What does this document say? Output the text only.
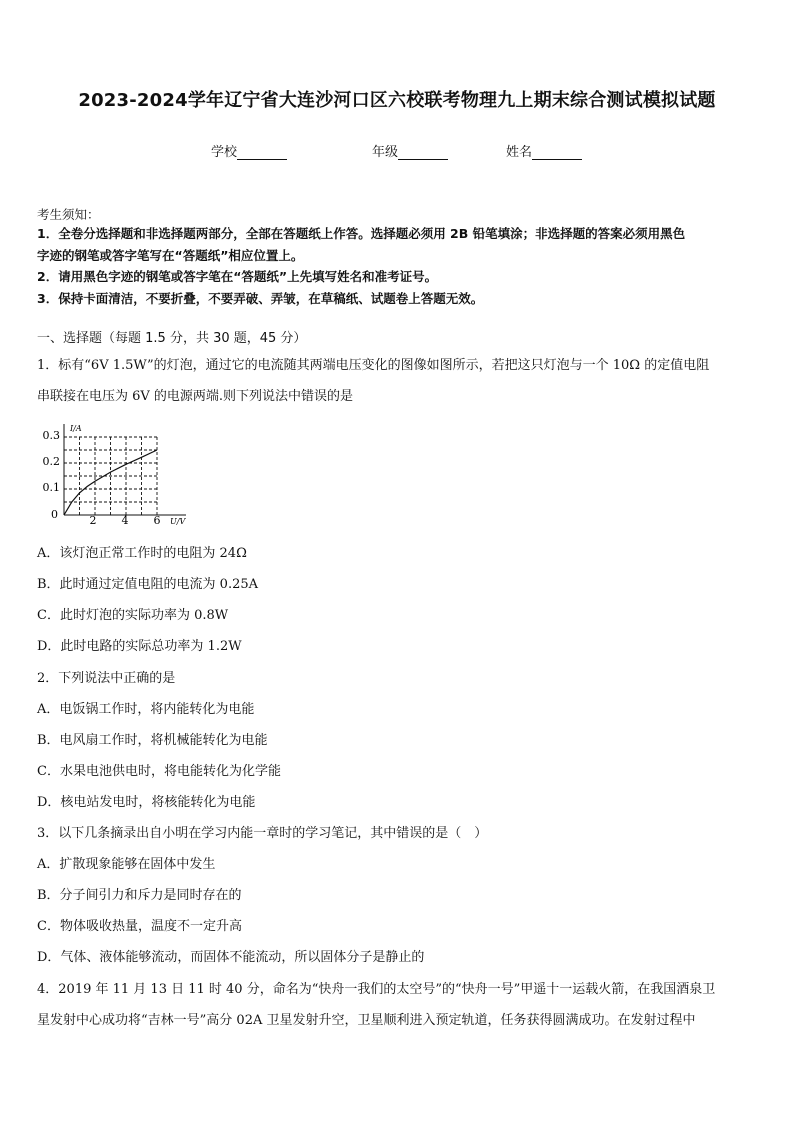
2023-2024学年辽宁省大连沙河口区六校联考物理九上期末综合测试模拟试题
学校	年级	姓名
考生须知：
1．全卷分选择题和非选择题两部分，全部在答题纸上作答。选择题必须用 2B 铅笔填涂；非选择题的答案必须用黑色
字迹的钢笔或答字笔写在“答题纸”相应位置上。
2．请用黑色字迹的钢笔或答字笔在“答题纸”上先填写姓名和准考证号。
3．保持卡面清洁，不要折叠，不要弄破、弄皱，在草稿纸、试题卷上答题无效。
一、选择题（每题 1.5 分，共 30 题，45 分）
1．标有“6V 1.5W”的灯泡，通过它的电流随其两端电压变化的图像如图所示，若把这只灯泡与一个 10Ω 的定值电阻
串联接在电压为 6V 的电源两端.则下列说法中错误的是
I/A
U/V
0	2 4 6
0.1
0.2
0.3
A．该灯泡正常工作时的电阻为 24Ω
B．此时通过定值电阻的电流为 0.25A
C．此时灯泡的实际功率为 0.8W
D．此时电路的实际总功率为 1.2W
2．下列说法中正确的是
A．电饭锅工作时，将内能转化为电能
B．电风扇工作时，将机械能转化为电能
C．水果电池供电时，将电能转化为化学能
D．核电站发电时，将核能转化为电能
3．以下几条摘录出自小明在学习内能一章时的学习笔记，其中错误的是（　）
A．扩散现象能够在固体中发生
B．分子间引力和斥力是同时存在的
C．物体吸收热量，温度不一定升高
D．气体、液体能够流动，而固体不能流动，所以固体分子是静止的
4．2019 年 11 月 13 日 11 时 40 分，命名为“快舟一我们的太空号”的“快舟一号”甲遥十一运载火箭，在我国酒泉卫
星发射中心成功将“吉林一号”高分 02A 卫星发射升空，卫星顺利进入预定轨道，任务获得圆满成功。在发射过程中
